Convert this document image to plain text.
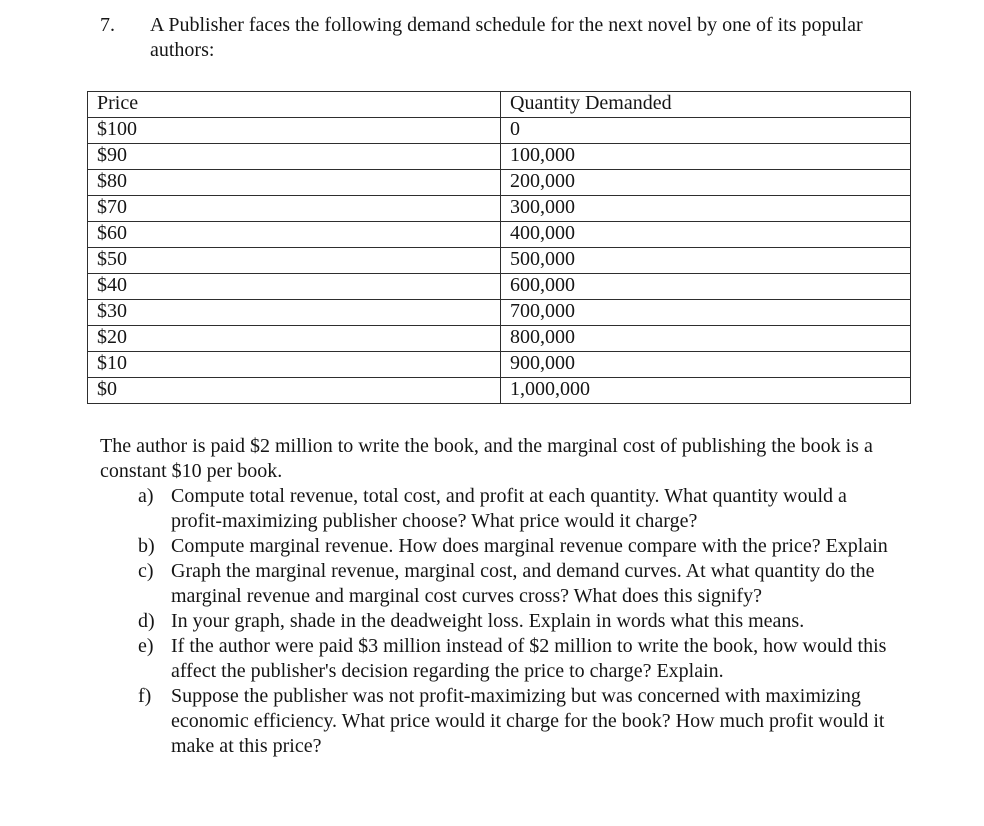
7.	A Publisher faces the following demand schedule for the next novel by one of its popular authors:
Price	Quantity Demanded
$100	0
$90	100,000
$80	200,000
$70	300,000
$60	400,000
$50	500,000
$40	600,000
$30	700,000
$20	800,000
$10	900,000
$0	1,000,000

The author is paid $2 million to write the book, and the marginal cost of publishing the book is a constant $10 per book.

a) Compute total revenue, total cost, and profit at each quantity. What quantity would a profit-maximizing publisher choose? What price would it charge?
b) Compute marginal revenue. How does marginal revenue compare with the price? Explain
c) Graph the marginal revenue, marginal cost, and demand curves. At what quantity do the marginal revenue and marginal cost curves cross? What does this signify?
d) In your graph, shade in the deadweight loss. Explain in words what this means.
e) If the author were paid $3 million instead of $2 million to write the book, how would this affect the publisher's decision regarding the price to charge? Explain.
f) Suppose the publisher was not profit-maximizing but was concerned with maximizing economic efficiency. What price would it charge for the book? How much profit would it make at this price?
